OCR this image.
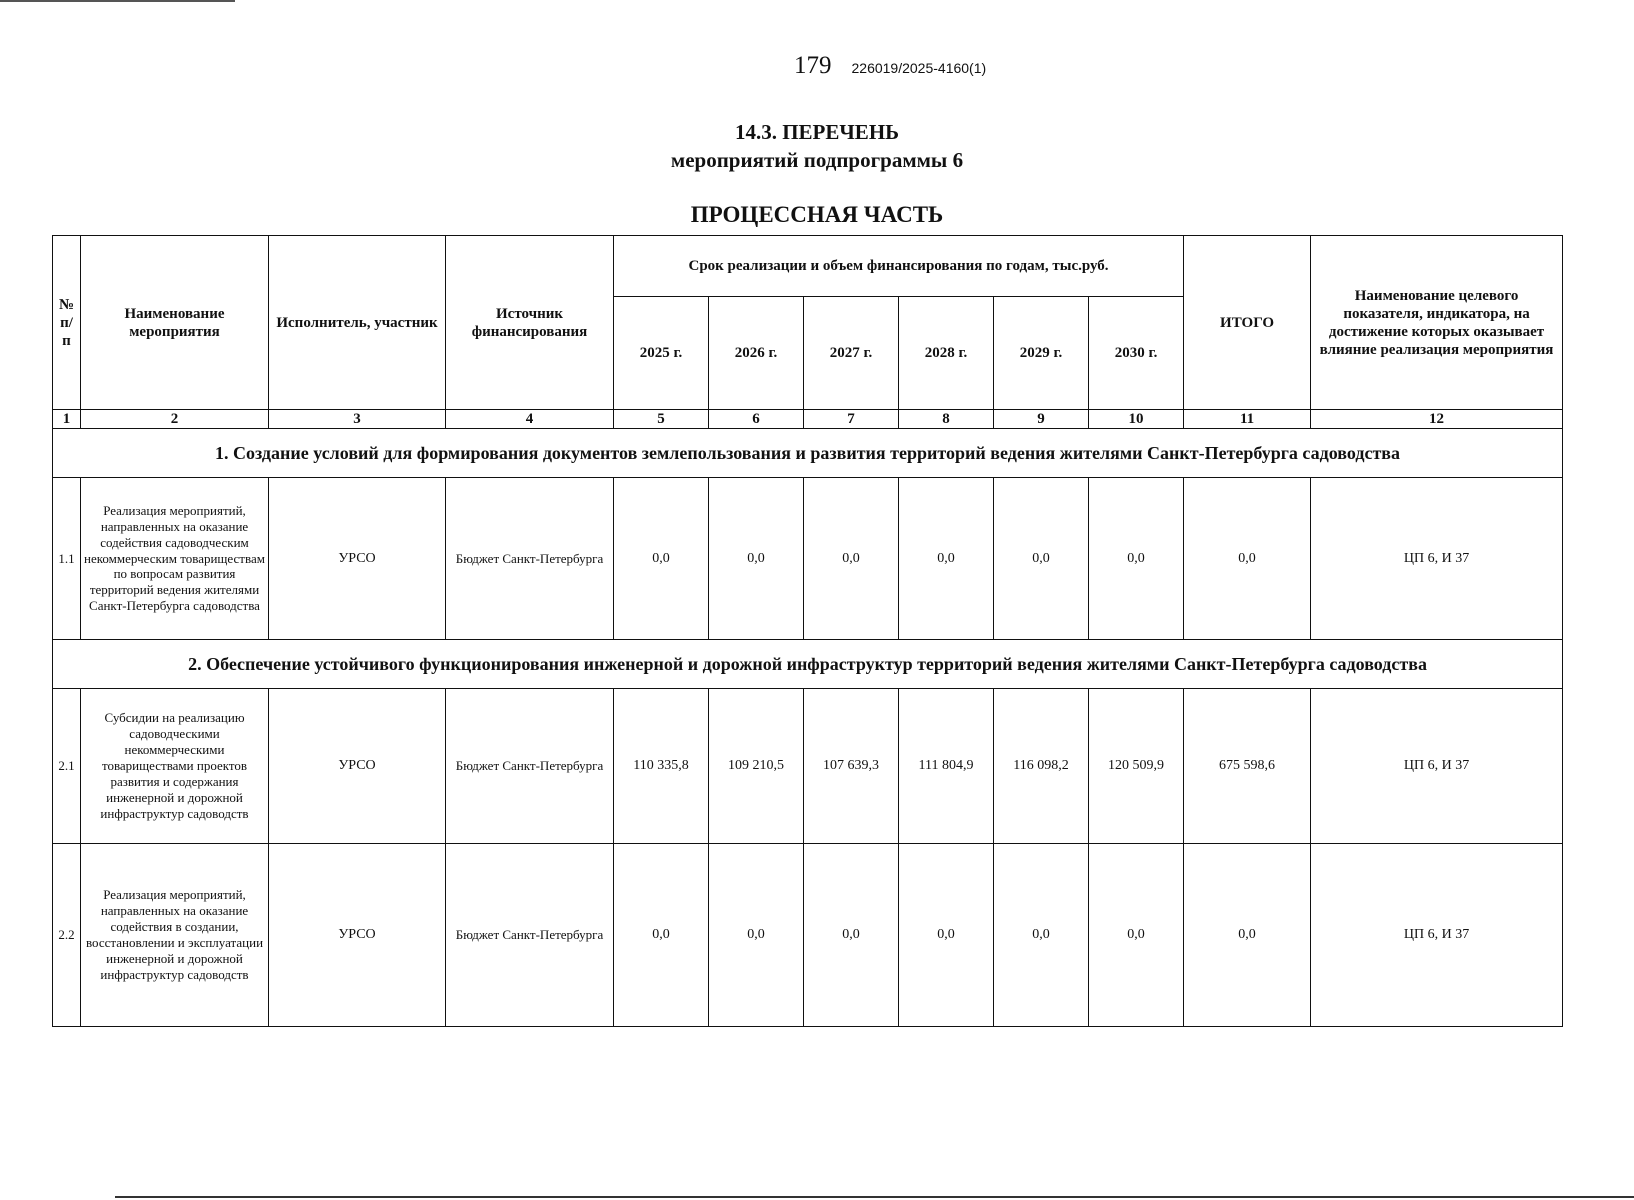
179 226019/2025-4160(1)
14.3. ПЕРЕЧЕНЬ
мероприятий подпрограммы 6
ПРОЦЕССНАЯ ЧАСТЬ
№ п/п	Наименование мероприятия	Исполнитель, участник	Источник финансирования	Срок реализации и объем финансирования по годам, тыс.руб.						ИТОГО	Наименование целевого показателя, индикатора, на достижение которых оказывает влияние реализация мероприятия
				2025 г.	2026 г.	2027 г.	2028 г.	2029 г.	2030 г.		
1	2	3	4	5	6	7	8	9	10	11	12
1. Создание условий для формирования документов землепользования и развития территорий ведения жителями Санкт-Петербурга садоводства											
1.1	Реализация мероприятий, направленных на оказание содействия садоводческим некоммерческим товариществам по вопросам развития территорий ведения жителями Санкт-Петербурга садоводства	УРСО	Бюджет Санкт-Петербурга	0,0	0,0	0,0	0,0	0,0	0,0	0,0	ЦП 6, И 37
2. Обеспечение устойчивого функционирования инженерной и дорожной инфраструктур территорий ведения жителями Санкт-Петербурга садоводства											
2.1	Субсидии на реализацию садоводческими некоммерческими товариществами проектов развития и содержания инженерной и дорожной инфраструктур садоводств	УРСО	Бюджет Санкт-Петербурга	110 335,8	109 210,5	107 639,3	111 804,9	116 098,2	120 509,9	675 598,6	ЦП 6, И 37
2.2	Реализация мероприятий, направленных на оказание содействия в создании, восстановлении и эксплуатации инженерной и дорожной инфраструктур садоводств	УРСО	Бюджет Санкт-Петербурга	0,0	0,0	0,0	0,0	0,0	0,0	0,0	ЦП 6, И 37
